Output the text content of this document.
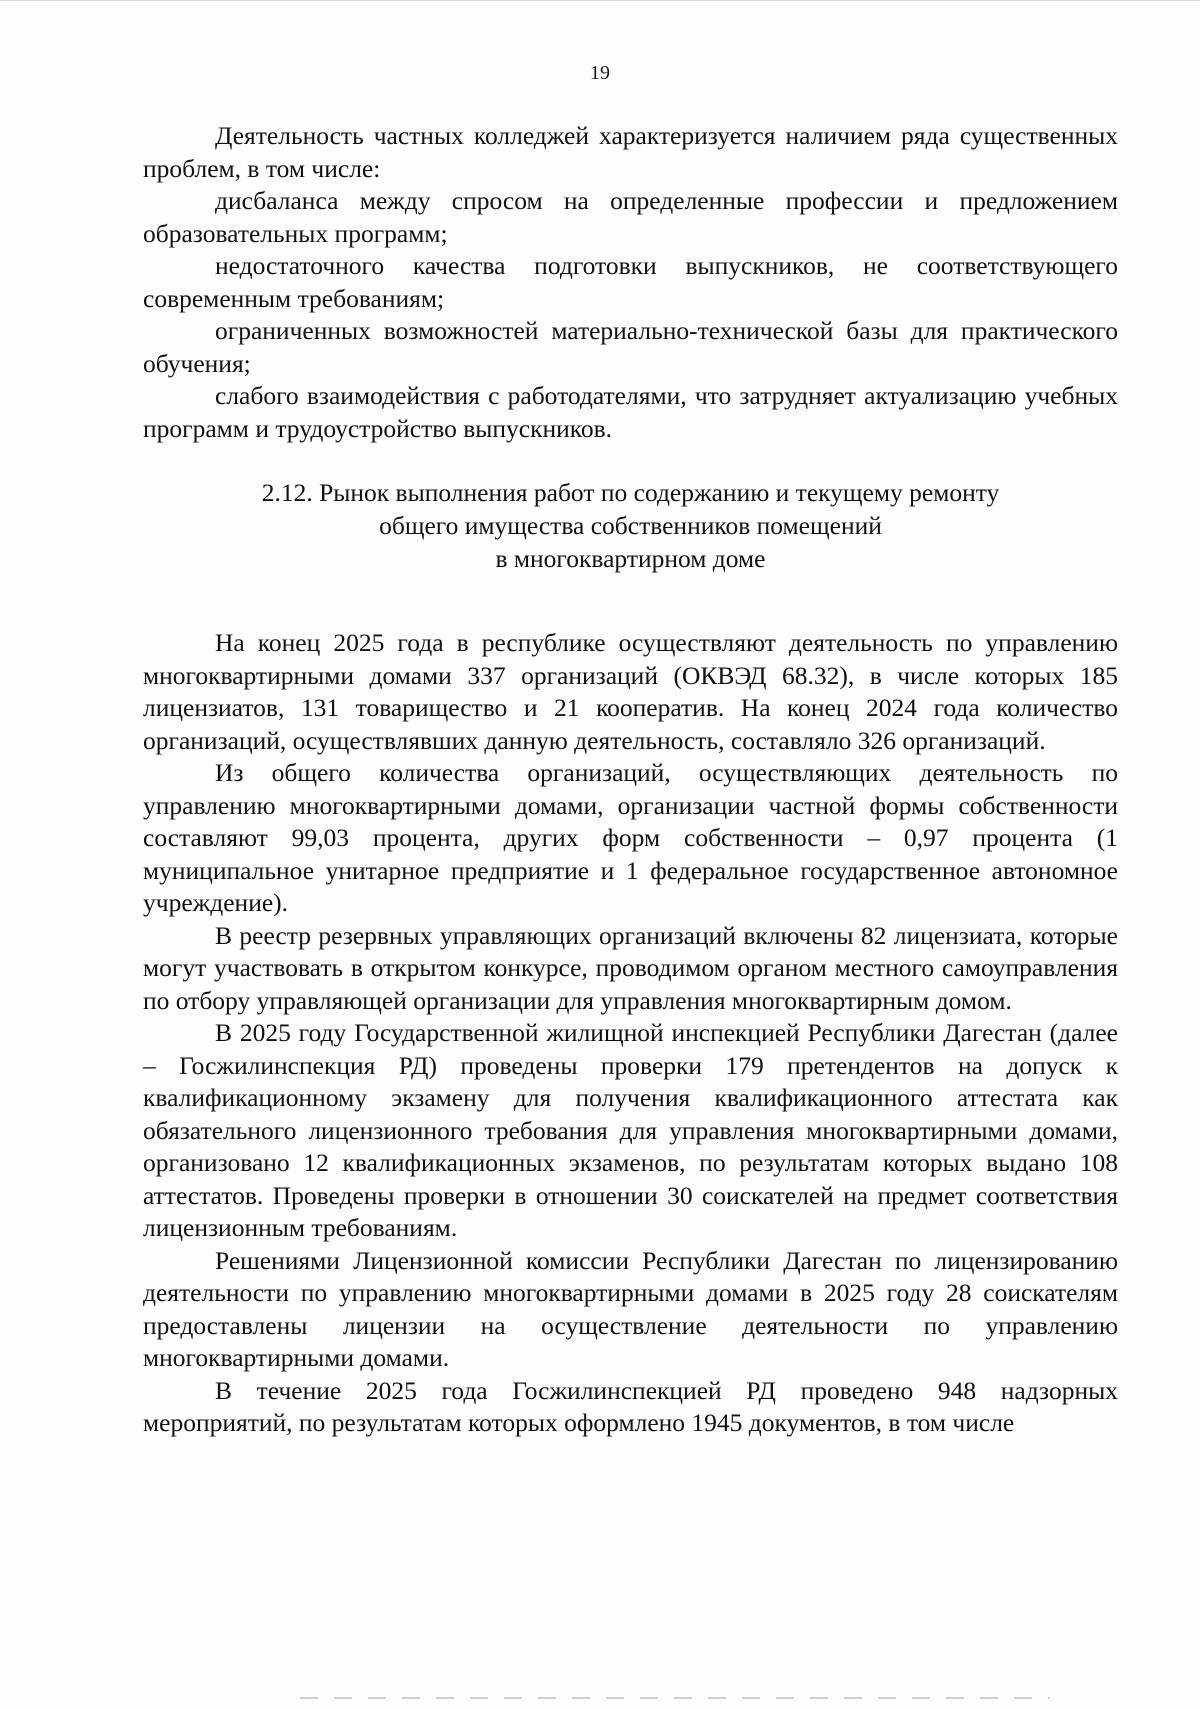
19

Деятельность частных колледжей характеризуется наличием ряда существенных проблем, в том числе:

дисбаланса между спросом на определенные профессии и предложением образовательных программ;

недостаточного качества подготовки выпускников, не соответствующего современным требованиям;

ограниченных возможностей материально-технической базы для практического обучения;

слабого взаимодействия с работодателями, что затрудняет актуализацию учебных программ и трудоустройство выпускников.

2.12. Рынок выполнения работ по содержанию и текущему ремонту
общего имущества собственников помещений
в многоквартирном доме

На конец 2025 года в республике осуществляют деятельность по управлению многоквартирными домами 337 организаций (ОКВЭД 68.32), в числе которых 185 лицензиатов, 131 товарищество и 21 кооператив. На конец 2024 года количество организаций, осуществлявших данную деятельность, составляло 326 организаций.

Из общего количества организаций, осуществляющих деятельность по управлению многоквартирными домами, организации частной формы собственности составляют 99,03 процента, других форм собственности – 0,97 процента (1 муниципальное унитарное предприятие и 1 федеральное государственное автономное учреждение).

В реестр резервных управляющих организаций включены 82 лицензиата, которые могут участвовать в открытом конкурсе, проводимом органом местного самоуправления по отбору управляющей организации для управления многоквартирным домом.

В 2025 году Государственной жилищной инспекцией Республики Дагестан (далее – Госжилинспекция РД) проведены проверки 179 претендентов на допуск к квалификационному экзамену для получения квалификационного аттестата как обязательного лицензионного требования для управления многоквартирными домами, организовано 12 квалификационных экзаменов, по результатам которых выдано 108 аттестатов. Проведены проверки в отношении 30 соискателей на предмет соответствия лицензионным требованиям.

Решениями Лицензионной комиссии Республики Дагестан по лицензированию деятельности по управлению многоквартирными домами в 2025 году 28 соискателям предоставлены лицензии на осуществление деятельности по управлению многоквартирными домами.

В течение 2025 года Госжилинспекцией РД проведено 948 надзорных мероприятий, по результатам которых оформлено 1945 документов, в том числе
